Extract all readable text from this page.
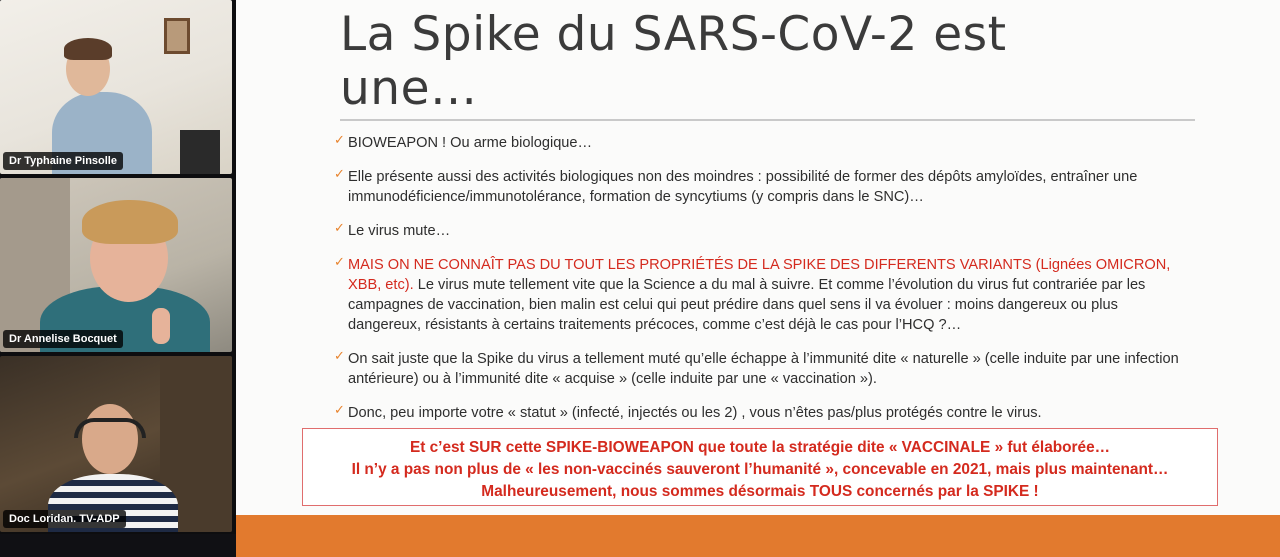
Dr Typhaine Pinsolle
Dr Annelise Bocquet
Doc Loridan. TV-ADP
La Spike du SARS-CoV-2 est
une…
✓ BIOWEAPON ! Ou arme biologique…
✓ Elle présente aussi des activités biologiques non des moindres : possibilité de former des dépôts amyloïdes, entraîner une immunodéficience/immunotolérance, formation de syncytiums (y compris dans le SNC)…
✓ Le virus mute…
✓ MAIS ON NE CONNAÎT PAS DU TOUT LES PROPRIÉTÉS DE LA SPIKE DES DIFFERENTS VARIANTS (Lignées OMICRON, XBB, etc). Le virus mute tellement vite que la Science a du mal à suivre. Et comme l’évolution du virus fut contrariée par les campagnes de vaccination, bien malin est celui qui peut prédire dans quel sens il va évoluer : moins dangereux ou plus dangereux, résistants à certains traitements précoces, comme c’est déjà le cas pour l’HCQ ?…
✓ On sait juste que la Spike du virus a tellement muté qu’elle échappe à l’immunité dite « naturelle » (celle induite par une infection antérieure) ou à l’immunité dite « acquise » (celle induite par une « vaccination »).
✓ Donc, peu importe votre « statut » (infecté, injectés ou les 2) , vous n’êtes pas/plus protégés contre le virus.
Et c’est SUR cette SPIKE-BIOWEAPON que toute la stratégie dite « VACCINALE » fut élaborée…
Il n’y a pas non plus de « les non-vaccinés sauveront l’humanité », concevable en 2021, mais plus maintenant…
Malheureusement, nous sommes désormais TOUS concernés par la SPIKE !
